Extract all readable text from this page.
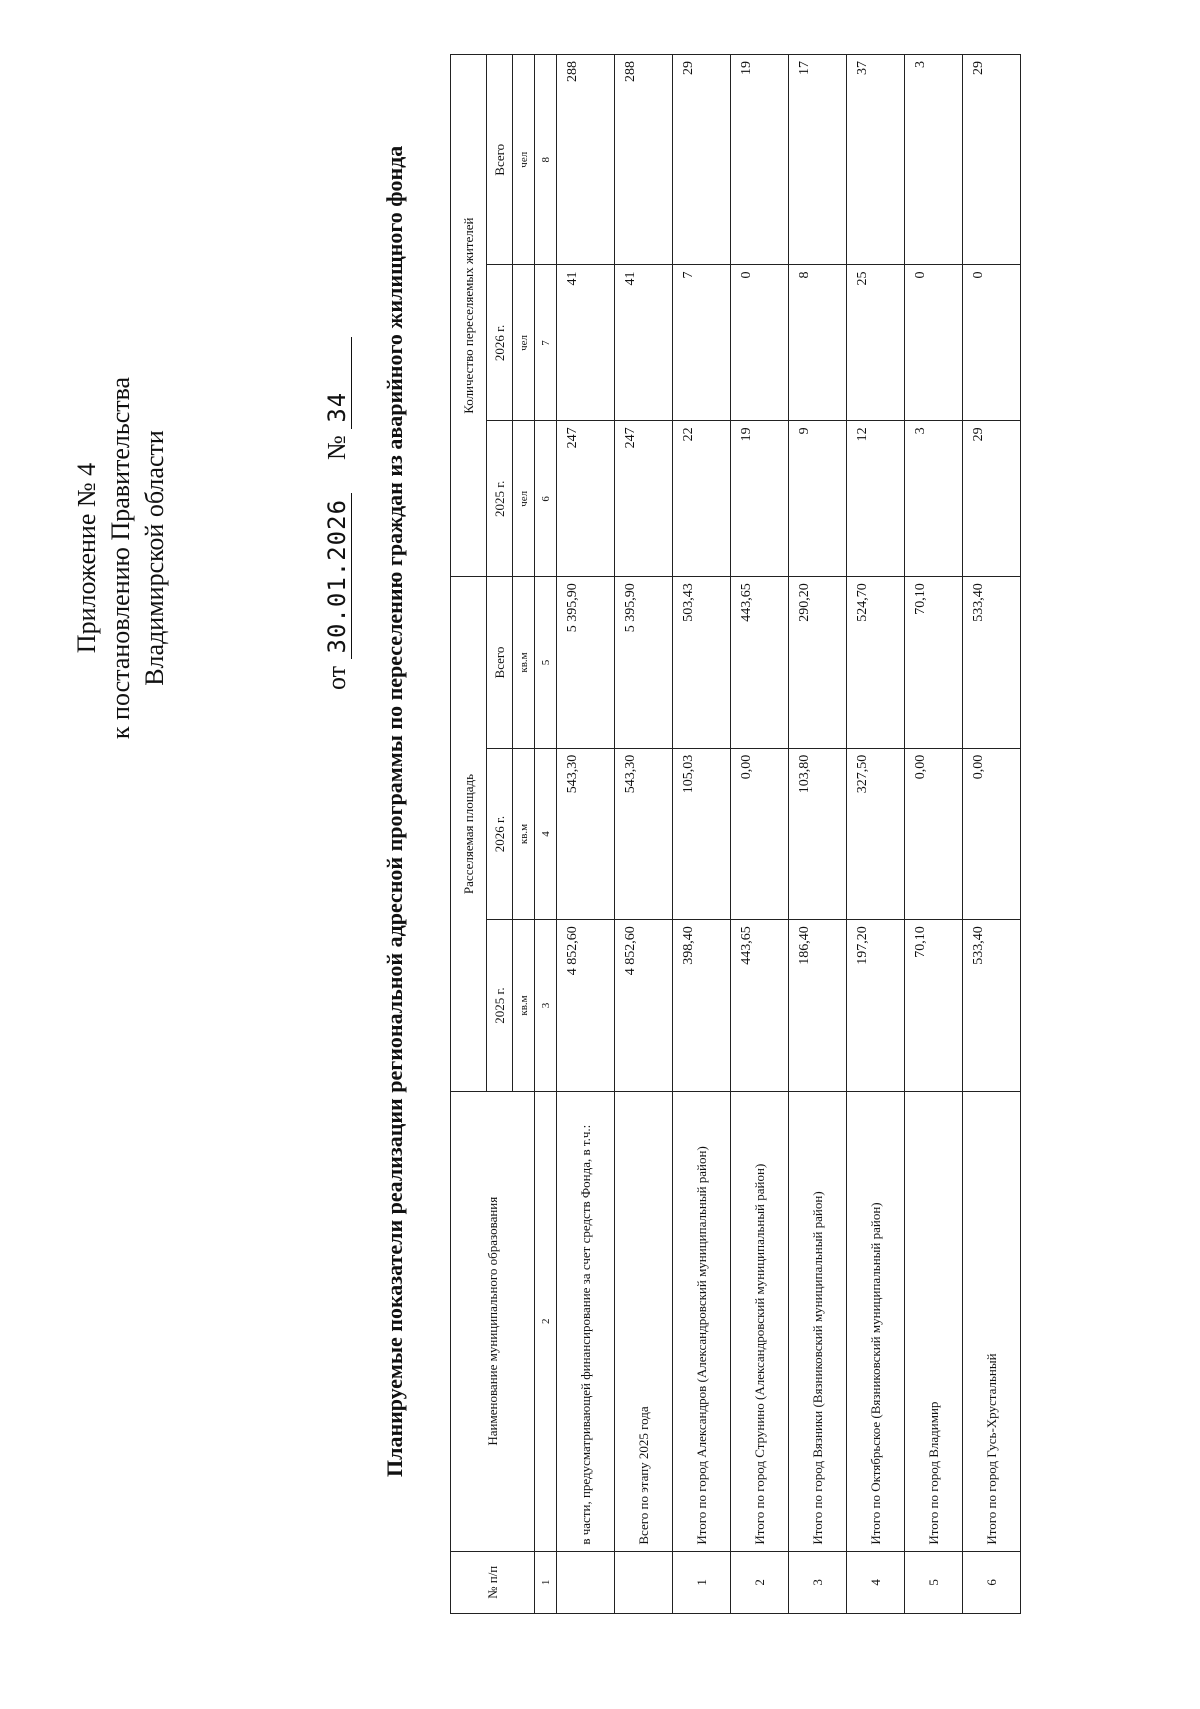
Приложение № 4 к постановлению Правительства Владимирской области	от 30.01.2026  № 34 Планируемые показатели реализации региональной адресной программы по переселению граждан из аварийного жилищного фонда
№ п/п	Наименование муниципального образования	Расселяемая площадь			Количество переселяемых жителей		
		2025 г.	2026 г.	Всего	2025 г.	2026 г.	Всего
		кв.м	кв.м	кв.м	чел	чел	чел
1	2	3	4	5	6	7	8
	в части, предусматривающей финансирование за счет средств Фонда, в т.ч.:	4 852,60	543,30	5 395,90	247	41	288
	Всего по этапу 2025 года	4 852,60	543,30	5 395,90	247	41	288
1	Итого по город Александров (Александровский муниципальный район)	398,40	105,03	503,43	22	7	29
2	Итого по город Струнино (Александровский муниципальный район)	443,65	0,00	443,65	19	0	19
3	Итого по город Вязники (Вязниковский муниципальный район)	186,40	103,80	290,20	9	8	17
4	Итого по Октябрьское (Вязниковский муниципальный район)	197,20	327,50	524,70	12	25	37
5	Итого по город Владимир	70,10	0,00	70,10	3	0	3
6	Итого по город Гусь-Хрустальный	533,40	0,00	533,40	29	0	29
